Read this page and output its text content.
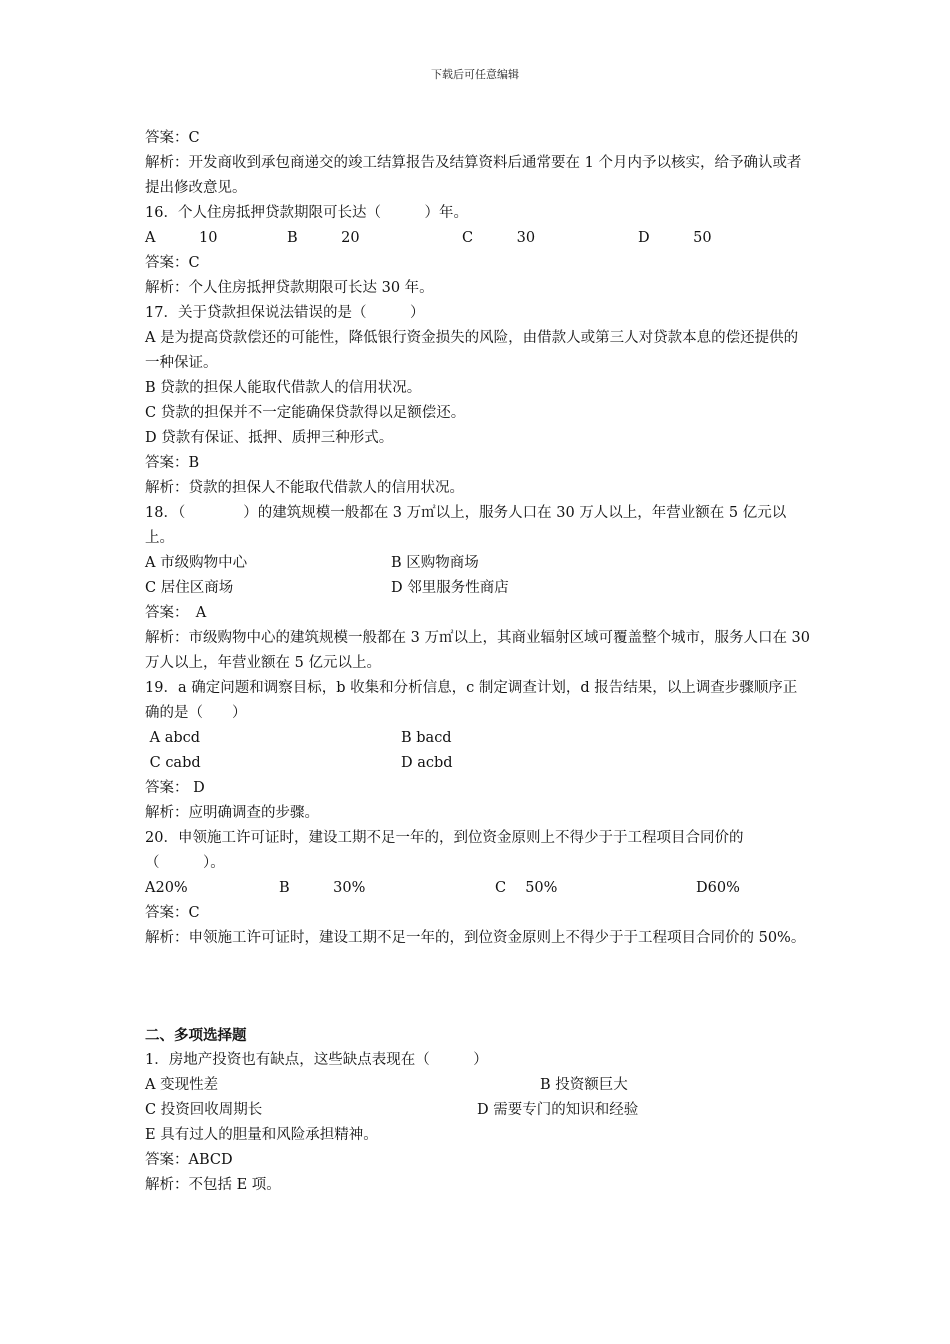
下载后可任意编辑
答案：C
解析：开发商收到承包商递交的竣工结算报告及结算资料后通常要在 1 个月内予以核实，给予确认或者提出修改意见。
16．个人住房抵押贷款期限可长达（　　　）年。
A　　　10	B　　　20	C　　　30	D　　　50
答案：C
解析：个人住房抵押贷款期限可长达 30 年。
17．关于贷款担保说法错误的是（　　　）
A 是为提高贷款偿还的可能性，降低银行资金损失的风险，由借款人或第三人对贷款本息的偿还提供的一种保证。
B 贷款的担保人能取代借款人的信用状况。
C 贷款的担保并不一定能确保贷款得以足额偿还。
D 贷款有保证、抵押、质押三种形式。
答案：B
解析：贷款的担保人不能取代借款人的信用状况。
18．（　　　　）的建筑规模一般都在 3 万㎡以上，服务人口在 30 万人以上，年营业额在 5 亿元以上。
A 市级购物中心	B 区购物商场
C 居住区商场	D 邻里服务性商店
答案：　A
解析：市级购物中心的建筑规模一般都在 3 万㎡以上，其商业辐射区域可覆盖整个城市，服务人口在 30 万人以上，年营业额在 5 亿元以上。
19．a 确定问题和调察目标，b 收集和分析信息，c 制定调查计划，d 报告结果，以上调查步骤顺序正确的是（　　）
A abcd	B bacd
C cabd	D acbd
答案： D
解析：应明确调查的步骤。
20．申领施工许可证时，建设工期不足一年的，到位资金原则上不得少于于工程项目合同价的（　　　）。
A20%	B　　　30%	C　 50%	D60%
答案：C
解析：申领施工许可证时，建设工期不足一年的，到位资金原则上不得少于于工程项目合同价的 50%。
二、多项选择题
1．房地产投资也有缺点，这些缺点表现在（　　　）
A 变现性差	B 投资额巨大
C 投资回收周期长	D 需要专门的知识和经验
E 具有过人的胆量和风险承担精神。
答案：ABCD
解析：不包括 E 项。
